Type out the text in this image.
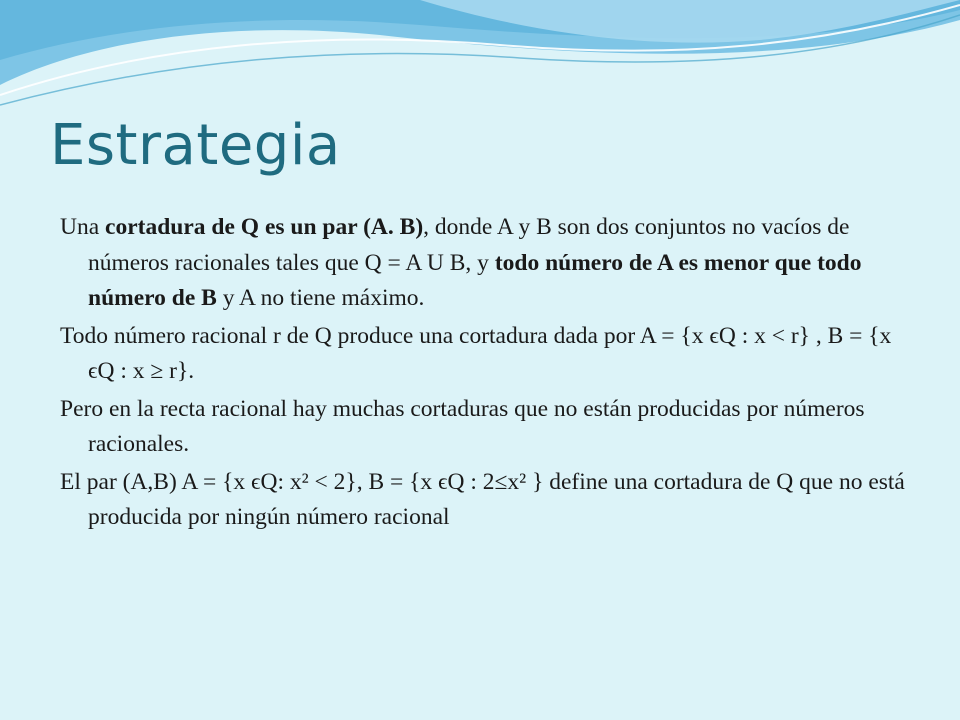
Estrategia

Una cortadura de Q es un par (A. B), donde A y B son dos conjuntos no vacíos de números racionales tales que Q = A U B, y todo número de A es menor que todo número de B y A no tiene máximo.

Todo número racional r de Q produce una cortadura dada por A = {x ϵQ : x < r} , B = {x ϵQ : x ≥ r}.

Pero en la recta racional hay muchas cortaduras que no están producidas por números racionales.

El par (A,B) A = {x ϵQ: x² < 2}, B = {x ϵQ : 2≤x² } define una cortadura de Q que no está producida por ningún número racional
